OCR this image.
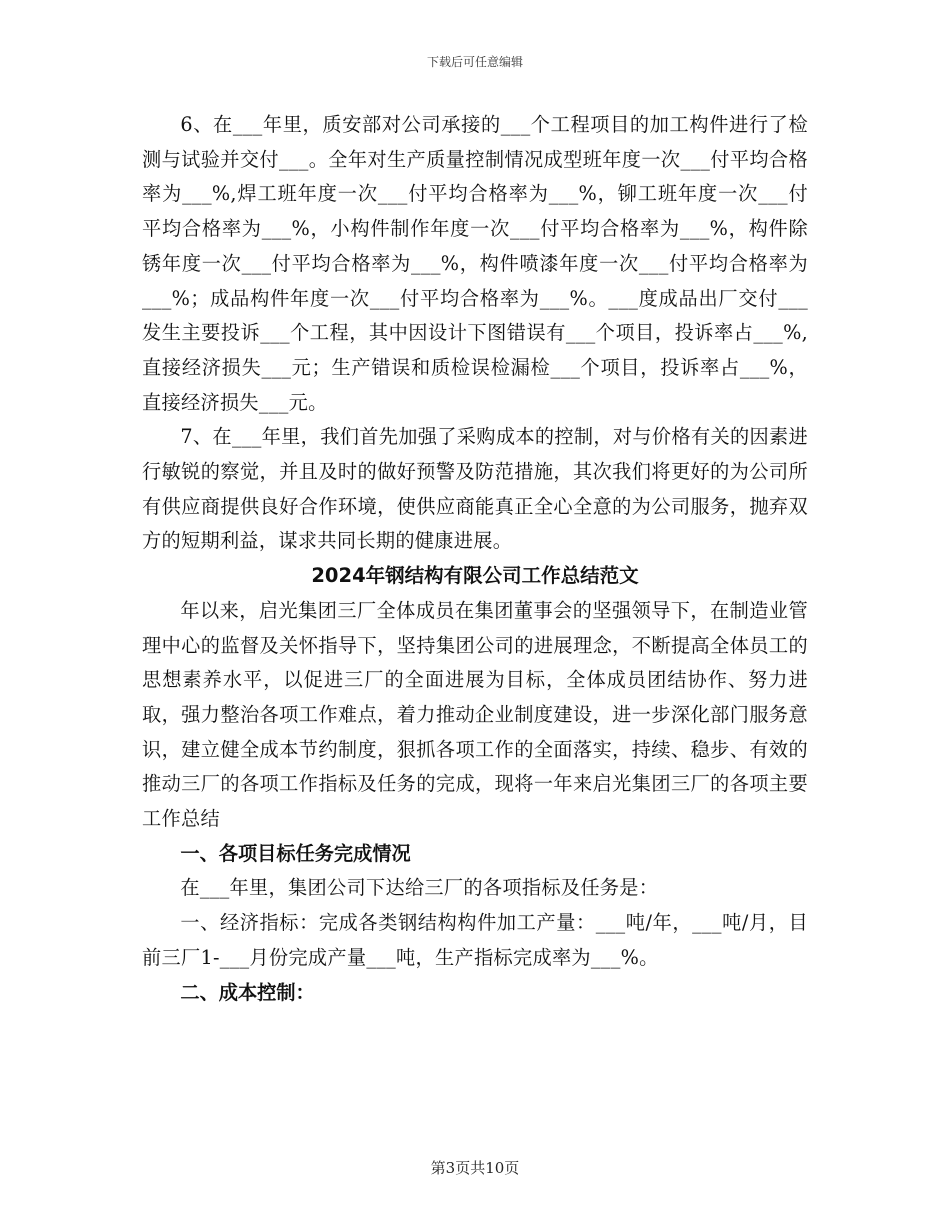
下载后可任意编辑

6、在___年里，质安部对公司承接的___个工程项目的加工构件进行了检测与试验并交付___。全年对生产质量控制情况成型班年度一次___付平均合格率为___%,焊工班年度一次___付平均合格率为___%，铆工班年度一次___付平均合格率为___%，小构件制作年度一次___付平均合格率为___%，构件除锈年度一次___付平均合格率为___%，构件喷漆年度一次___付平均合格率为___%；成品构件年度一次___付平均合格率为___%。___度成品出厂交付___发生主要投诉___个工程，其中因设计下图错误有___个项目，投诉率占___%,直接经济损失___元；生产错误和质检误检漏检___个项目，投诉率占___%，直接经济损失___元。

7、在___年里，我们首先加强了采购成本的控制，对与价格有关的因素进行敏锐的察觉，并且及时的做好预警及防范措施，其次我们将更好的为公司所有供应商提供良好合作环境，使供应商能真正全心全意的为公司服务，抛弃双方的短期利益，谋求共同长期的健康进展。

2024年钢结构有限公司工作总结范文

年以来，启光集团三厂全体成员在集团董事会的坚强领导下，在制造业管理中心的监督及关怀指导下，坚持集团公司的进展理念，不断提高全体员工的思想素养水平，以促进三厂的全面进展为目标，全体成员团结协作、努力进取，强力整治各项工作难点，着力推动企业制度建设，进一步深化部门服务意识，建立健全成本节约制度，狠抓各项工作的全面落实，持续、稳步、有效的推动三厂的各项工作指标及任务的完成，现将一年来启光集团三厂的各项主要工作总结

一、各项目标任务完成情况

在___年里，集团公司下达给三厂的各项指标及任务是：

一、经济指标：完成各类钢结构构件加工产量：___吨/年，___吨/月，目前三厂1-___月份完成产量___吨，生产指标完成率为___%。

二、成本控制：
第3页共10页
